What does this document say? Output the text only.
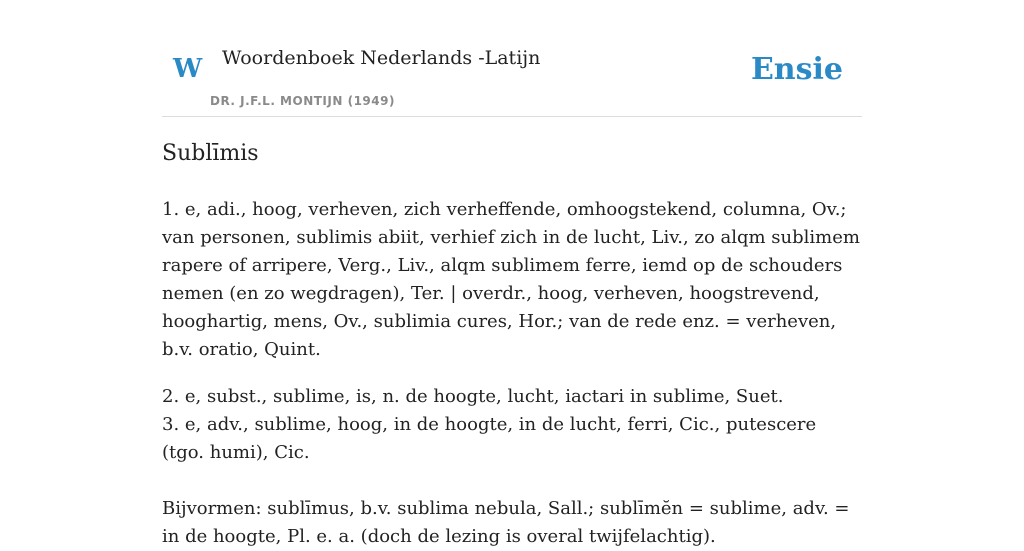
W Woordenboek Nederlands -Latijn
DR. J.F.L. MONTIJN (1949)
Ensie
Sublīmis

1. e, adi., hoog, verheven, zich verheffende, omhoogstekend, columna, Ov.; van personen, sublimis abiit, verhief zich in de lucht, Liv., zo alqm sublimem rapere of arripere, Verg., Liv., alqm sublimem ferre, iemd op de schouders nemen (en zo wegdragen), Ter. | overdr., hoog, verheven, hoogstrevend, hooghartig, mens, Ov., sublimia cures, Hor.; van de rede enz. = verheven, b.v. oratio, Quint.

2. e, subst., sublime, is, n. de hoogte, lucht, iactari in sublime, Suet.

3. e, adv., sublime, hoog, in de hoogte, in de lucht, ferri, Cic., putescere (tgo. humi), Cic.

Bijvormen: sublīmus, b.v. sublima nebula, Sall.; sublīmĕn = sublime, adv. = in de hoogte, Pl. e. a. (doch de lezing is overal twijfelachtig).
